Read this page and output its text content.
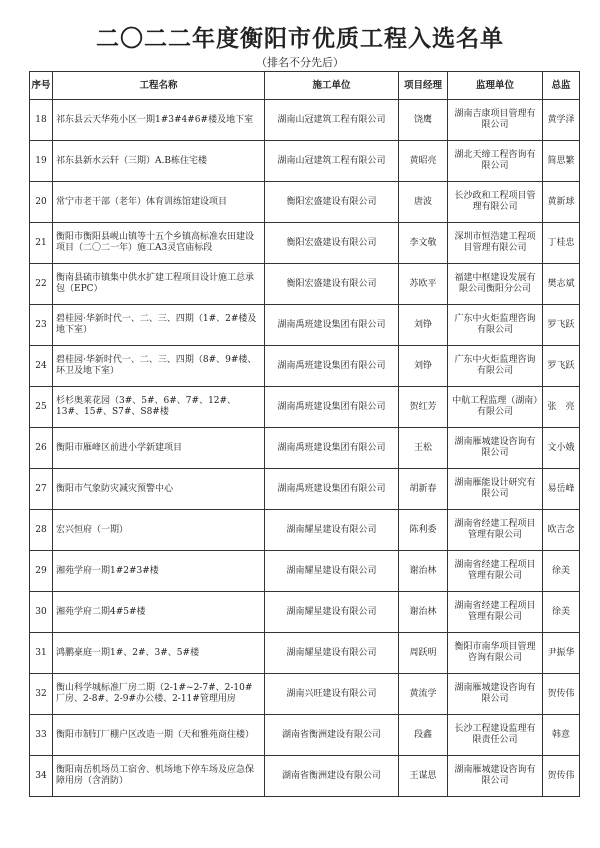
二〇二二年度衡阳市优质工程入选名单
（排名不分先后）
序号	工程名称	施工单位	项目经理	监理单位	总监
18	祁东县云天华苑小区一期1#3#4#6#楼及地下室	湖南山冠建筑工程有限公司	饶鹰	湖南吉康项目管理有限公司	黄学泽
19	祁东县新水云轩（三期）A.B栋住宅楼	湖南山冠建筑工程有限公司	黄昭亮	湖北天缔工程咨询有限公司	简思繁
20	常宁市老干部（老年）体育训练馆建设项目	衡阳宏盛建设有限公司	唐波	长沙政和工程项目管理有限公司	黄新球
21	衡阳市衡阳县岘山镇等十五个乡镇高标准农田建设项目（二〇二一年）施工A3灵官庙标段	衡阳宏盛建设有限公司	李文敬	深圳市恒浩建工程项目管理有限公司	丁桂忠
22	衡南县硫市镇集中供水扩建工程项目设计施工总承包（EPC）	衡阳宏盛建设有限公司	苏欧平	福建中枢建设发展有限公司衡阳分公司	樊志斌
23	碧桂园·华新时代一、二、三、四期（1#、2#楼及地下室）	湖南禹班建设集团有限公司	刘铮	广东中火炬监理咨询有限公司	罗飞跃
24	碧桂园·华新时代一、二、三、四期（8#、9#楼、环卫及地下室）	湖南禹班建设集团有限公司	刘铮	广东中火炬监理咨询有限公司	罗飞跃
25	杉杉奥莱花园（3#、5#、6#、7#、12#、13#、15#、S7#、S8#楼	湖南禹班建设集团有限公司	贺红芳	中航工程监理（湖南）有限公司	张　亮
26	衡阳市雁峰区前进小学新建项目	湖南禹班建设集团有限公司	王松	湖南雁城建设咨询有限公司	文小娥
27	衡阳市气象防灾减灾预警中心	湖南禹班建设集团有限公司	胡新春	湖南雁能设计研究有限公司	易岳峰
28	宏兴恒府（一期）	湖南耀星建设有限公司	陈利委	湖南省经建工程项目管理有限公司	欧吉念
29	湘苑学府一期1#2#3#楼	湖南耀星建设有限公司	谢治林	湖南省经建工程项目管理有限公司	徐美
30	湘苑学府二期4#5#楼	湖南耀星建设有限公司	谢治林	湖南省经建工程项目管理有限公司	徐美
31	鸿鹏豪庭一期1#、2#、3#、5#楼	湖南耀星建设有限公司	周跃明	衡阳市南华项目管理咨询有限公司	尹振华
32	衡山科学城标准厂房二期（2-1#~2-7#、2-10#厂房、2-8#、2-9#办公楼、2-11#管理用房	湖南兴旺建设有限公司	黄流学	湖南雁城建设咨询有限公司	贺传伟
33	衡阳市制钉厂棚户区改造一期（天和雅苑商住楼）	湖南省衡洲建设有限公司	段鑫	长沙工程建设监理有限责任公司	韩意
34	衡阳南岳机场员工宿舍、机场地下停车场及应急保障用房（含消防）	湖南省衡洲建设有限公司	王谋思	湖南雁城建设咨询有限公司	贺传伟
